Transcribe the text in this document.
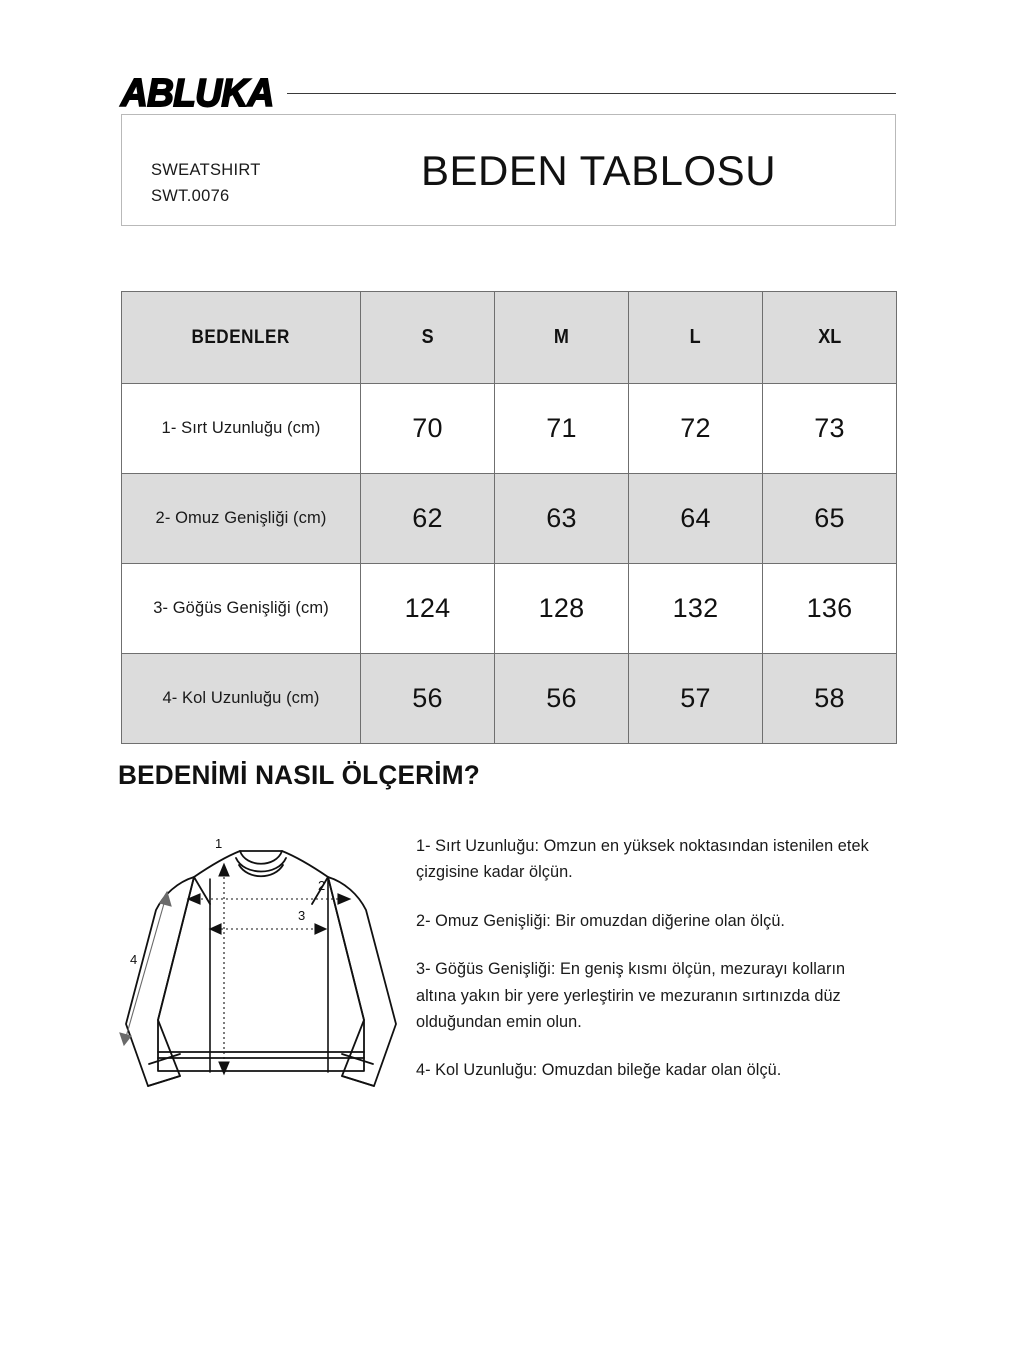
ABLUKA
SWEATSHIRT
SWT.0076
BEDEN TABLOSU
BEDENLER	S	M	L	XL
1- Sırt Uzunluğu (cm)	70	71	72	73
2- Omuz Genişliği (cm)	62	63	64	65
3- Göğüs Genişliği (cm)	124	128	132	136
4- Kol Uzunluğu (cm)	56	56	57	58
BEDENİMİ NASIL ÖLÇERİM?
1
2
3
4

1- Sırt Uzunluğu: Omzun en yüksek noktasından istenilen etek çizgisine kadar ölçün.

2- Omuz Genişliği: Bir omuzdan diğerine olan ölçü.

3- Göğüs Genişliği: En geniş kısmı ölçün, mezurayı kolların altına yakın bir yere yerleştirin ve mezuranın sırtınızda düz olduğundan emin olun.

4- Kol Uzunluğu: Omuzdan bileğe kadar olan ölçü.
